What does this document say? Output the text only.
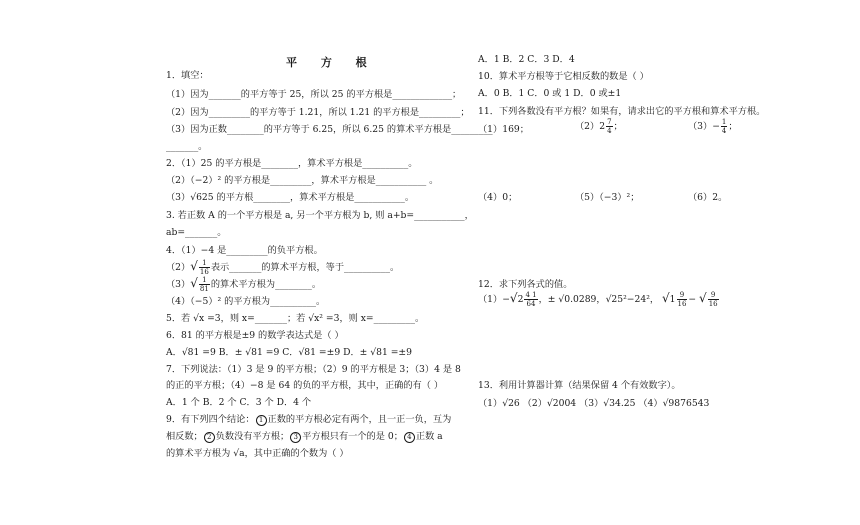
平 方 根
1．填空：
（1）因为_______的平方等于 25，所以 25 的平方根是_____________；
（2）因为_________的平方等于 1.21，所以 1.21 的平方根是_________；
（3）因为正数________的平方等于 6.25，所以 6.25 的算术平方根是_________
_______。
2．（1）25 的平方根是________，算术平方根是__________。
（2）（−2）² 的平方根是_________，算术平方根是___________ 。
（3）√625 的平方根________，算术平方根是___________。
3. 若正数 A 的一个平方根是 a, 另一个平方根为 b, 则 a+b=___________，
ab=_______。
4．（1）−4 是_________的负平方根。
$(2)√ \frac{1}{16}$ 表示_______的算术平方根，等于__________。
$(3)√ \frac{1}{81}$ 的算术平方根为________。
（4）（−5）² 的平方根为__________。
5．若 √x =3，则 x=_______；若 √x² =3，则 x=_________。
6．81 的平方根是±9 的数学表达式是（ ）
A．√81 =9 B．± √81 =9 C．√81 =±9 D．± √81 =±9
7．下列说法：（1）3 是 9 的平方根；（2）9 的平方根是 3；（3）4 是 8
的正的平方根；（4）−8 是 64 的负的平方根，其中，正确的有（ ）
A．1 个 B．2 个 C．3 个 D．4 个
9．有下列四个结论： 1 正数的平方根必定有两个，且一正一负，互为
相反数； 2 负数没有平方根； 3 平方根只有一个的是 0； 4 正数 a
的算术平方根为 √a，其中正确的个数为（ ）
A．1 B．2 C．3 D．4
10．算术平方根等于它相反数的数是（ ）
A．0 B．1 C．0 或 1 D．0 或±1
11．下列各数没有平方根？如果有，请求出它的平方根和算术平方根。
（1）169；	$(2)2 \frac{7}{4}$ ；	$(3)- \frac{1}{4}$ ；
（4）0；	（5）（−3）²；	（6）2。
12．求下列各式的值。
$(1)-√2 \frac{4 1}{64}$ ，± √0.0289，√25²−24²， $√1 \frac{9}{16}$ − √ $\frac{9}{16}$
13．利用计算器计算（结果保留 4 个有效数字）。
（1）√26 （2）√2004 （3）√34.25 （4）√9876543
